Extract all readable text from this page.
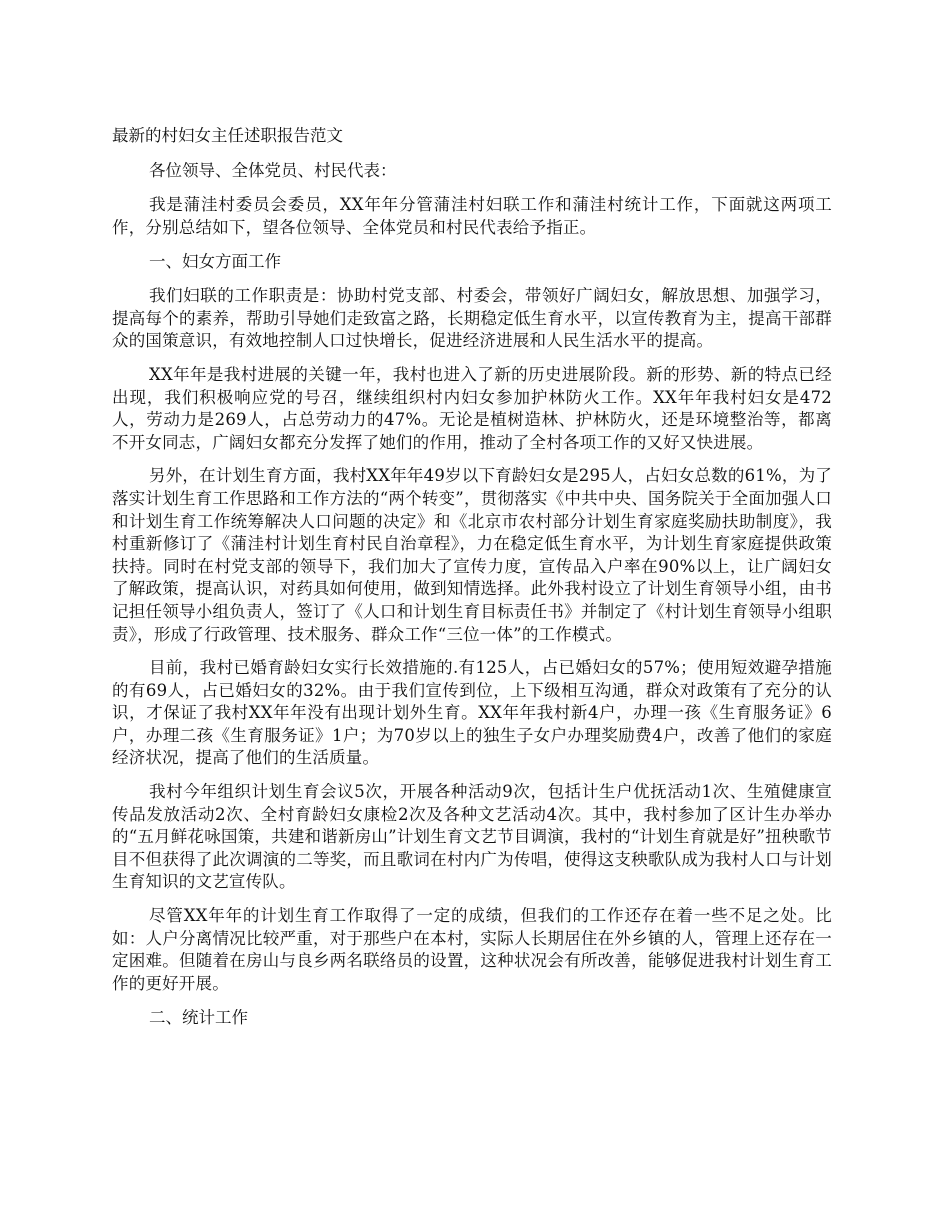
最新的村妇女主任述职报告范文
各位领导、全体党员、村民代表：
我是蒲洼村委员会委员，XX年年分管蒲洼村妇联工作和蒲洼村统计工作，下面就这两项工作，分别总结如下，望各位领导、全体党员和村民代表给予指正。
一、妇女方面工作
我们妇联的工作职责是：协助村党支部、村委会，带领好广阔妇女，解放思想、加强学习，提高每个的素养，帮助引导她们走致富之路，长期稳定低生育水平，以宣传教育为主，提高干部群众的国策意识，有效地控制人口过快增长，促进经济进展和人民生活水平的提高。
XX年年是我村进展的关键一年，我村也进入了新的历史进展阶段。新的形势、新的特点已经出现，我们积极响应党的号召，继续组织村内妇女参加护林防火工作。XX年年我村妇女是472人，劳动力是269人，占总劳动力的47%。无论是植树造林、护林防火，还是环境整治等，都离不开女同志，广阔妇女都充分发挥了她们的作用，推动了全村各项工作的又好又快进展。
另外，在计划生育方面，我村XX年年49岁以下育龄妇女是295人，占妇女总数的61%，为了落实计划生育工作思路和工作方法的“两个转变”，贯彻落实《中共中央、国务院关于全面加强人口和计划生育工作统筹解决人口问题的决定》和《北京市农村部分计划生育家庭奖励扶助制度》，我村重新修订了《蒲洼村计划生育村民自治章程》，力在稳定低生育水平，为计划生育家庭提供政策扶持。同时在村党支部的领导下，我们加大了宣传力度，宣传品入户率在90%以上，让广阔妇女了解政策，提高认识，对药具如何使用，做到知情选择。此外我村设立了计划生育领导小组，由书记担任领导小组负责人，签订了《人口和计划生育目标责任书》并制定了《村计划生育领导小组职责》，形成了行政管理、技术服务、群众工作“三位一体”的工作模式。
目前，我村已婚育龄妇女实行长效措施的.有125人，占已婚妇女的57%；使用短效避孕措施的有69人，占已婚妇女的32%。由于我们宣传到位，上下级相互沟通，群众对政策有了充分的认识，才保证了我村XX年年没有出现计划外生育。XX年年我村新4户，办理一孩《生育服务证》6户，办理二孩《生育服务证》1户；为70岁以上的独生子女户办理奖励费4户，改善了他们的家庭经济状况，提高了他们的生活质量。
我村今年组织计划生育会议5次，开展各种活动9次，包括计生户优抚活动1次、生殖健康宣传品发放活动2次、全村育龄妇女康检2次及各种文艺活动4次。其中，我村参加了区计生办举办的“五月鲜花咏国策，共建和谐新房山”计划生育文艺节目调演，我村的“计划生育就是好”扭秧歌节目不但获得了此次调演的二等奖，而且歌词在村内广为传唱，使得这支秧歌队成为我村人口与计划生育知识的文艺宣传队。
尽管XX年年的计划生育工作取得了一定的成绩，但我们的工作还存在着一些不足之处。比如：人户分离情况比较严重，对于那些户在本村，实际人长期居住在外乡镇的人，管理上还存在一定困难。但随着在房山与良乡两名联络员的设置，这种状况会有所改善，能够促进我村计划生育工作的更好开展。
二、统计工作
